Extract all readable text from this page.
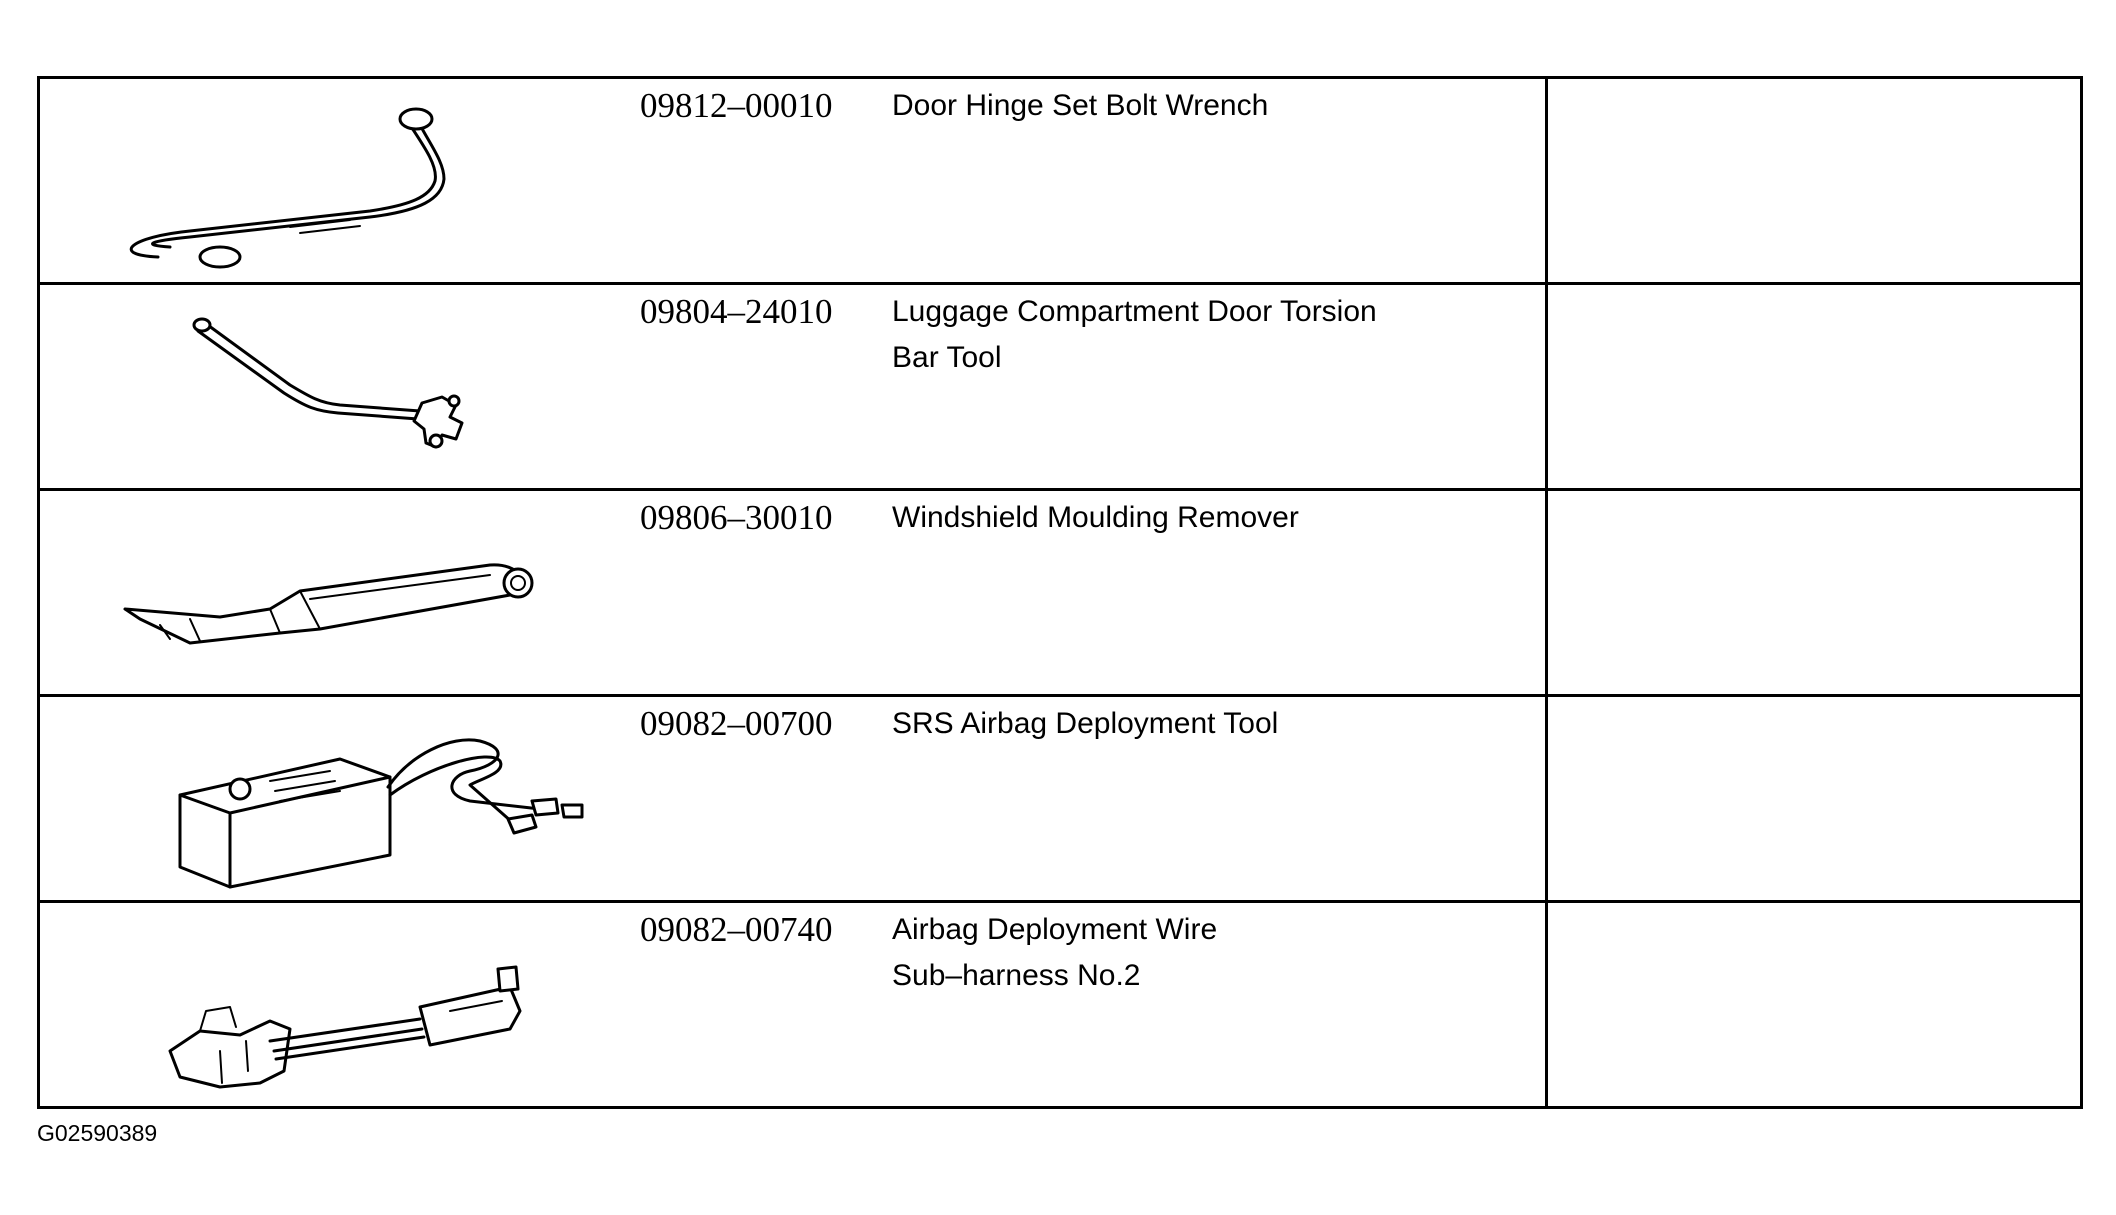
09812–00010 Door Hinge Set Bolt Wrench	

09804–24010 Luggage Compartment Door Torsion
Bar Tool	

09806–30010 Windshield Moulding Remover	

09082–00700 SRS Airbag Deployment Tool	

09082–00740 Airbag Deployment Wire
Sub–harness No.2	

G02590389
